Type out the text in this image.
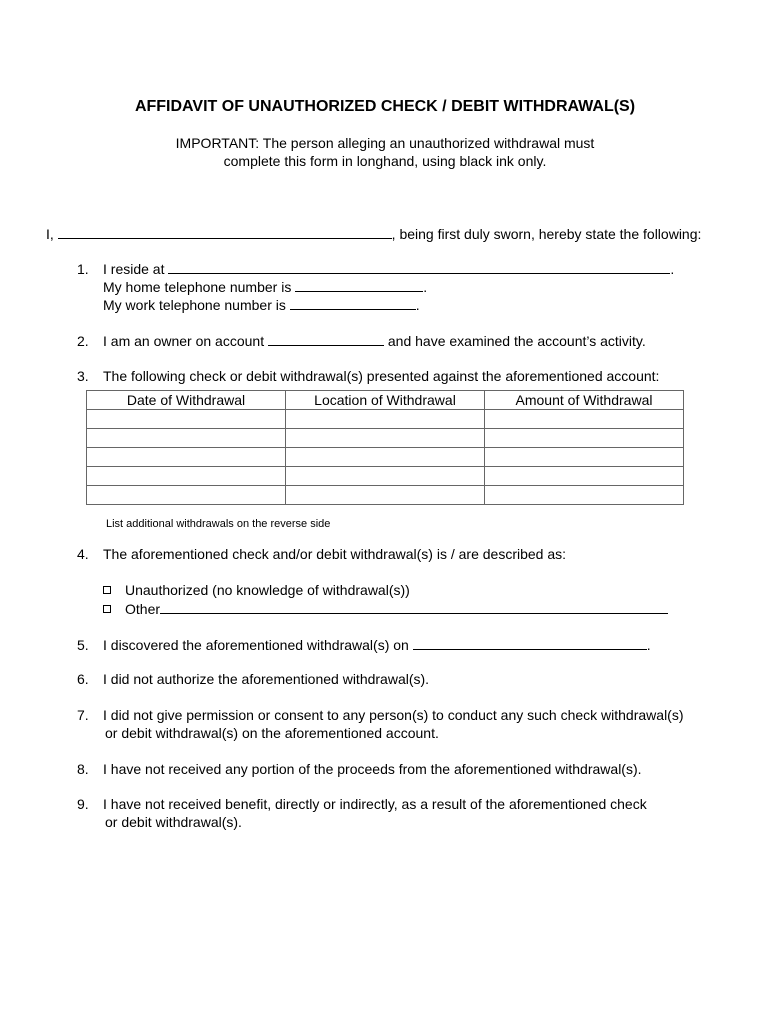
AFFIDAVIT OF UNAUTHORIZED CHECK / DEBIT WITHDRAWAL(S)
IMPORTANT: The person alleging an unauthorized withdrawal must
complete this form in longhand, using black ink only.
I,	, being first duly sworn, hereby state the following:
1. I reside at	.
My home telephone number is	.
My work telephone number is	.
2. I am an owner on account	and have examined the account’s activity.
3. The following check or debit withdrawal(s) presented against the aforementioned account:
Date of Withdrawal	Location of Withdrawal	Amount of Withdrawal

List additional withdrawals on the reverse side
4. The aforementioned check and/or debit withdrawal(s) is / are described as:
Unauthorized (no knowledge of withdrawal(s))
Other
5. I discovered the aforementioned withdrawal(s) on	.
6. I did not authorize the aforementioned withdrawal(s).
7. I did not give permission or consent to any person(s) to conduct any such check withdrawal(s)
or debit withdrawal(s) on the aforementioned account.
8. I have not received any portion of the proceeds from the aforementioned withdrawal(s).
9. I have not received benefit, directly or indirectly, as a result of the aforementioned check
or debit withdrawal(s).
